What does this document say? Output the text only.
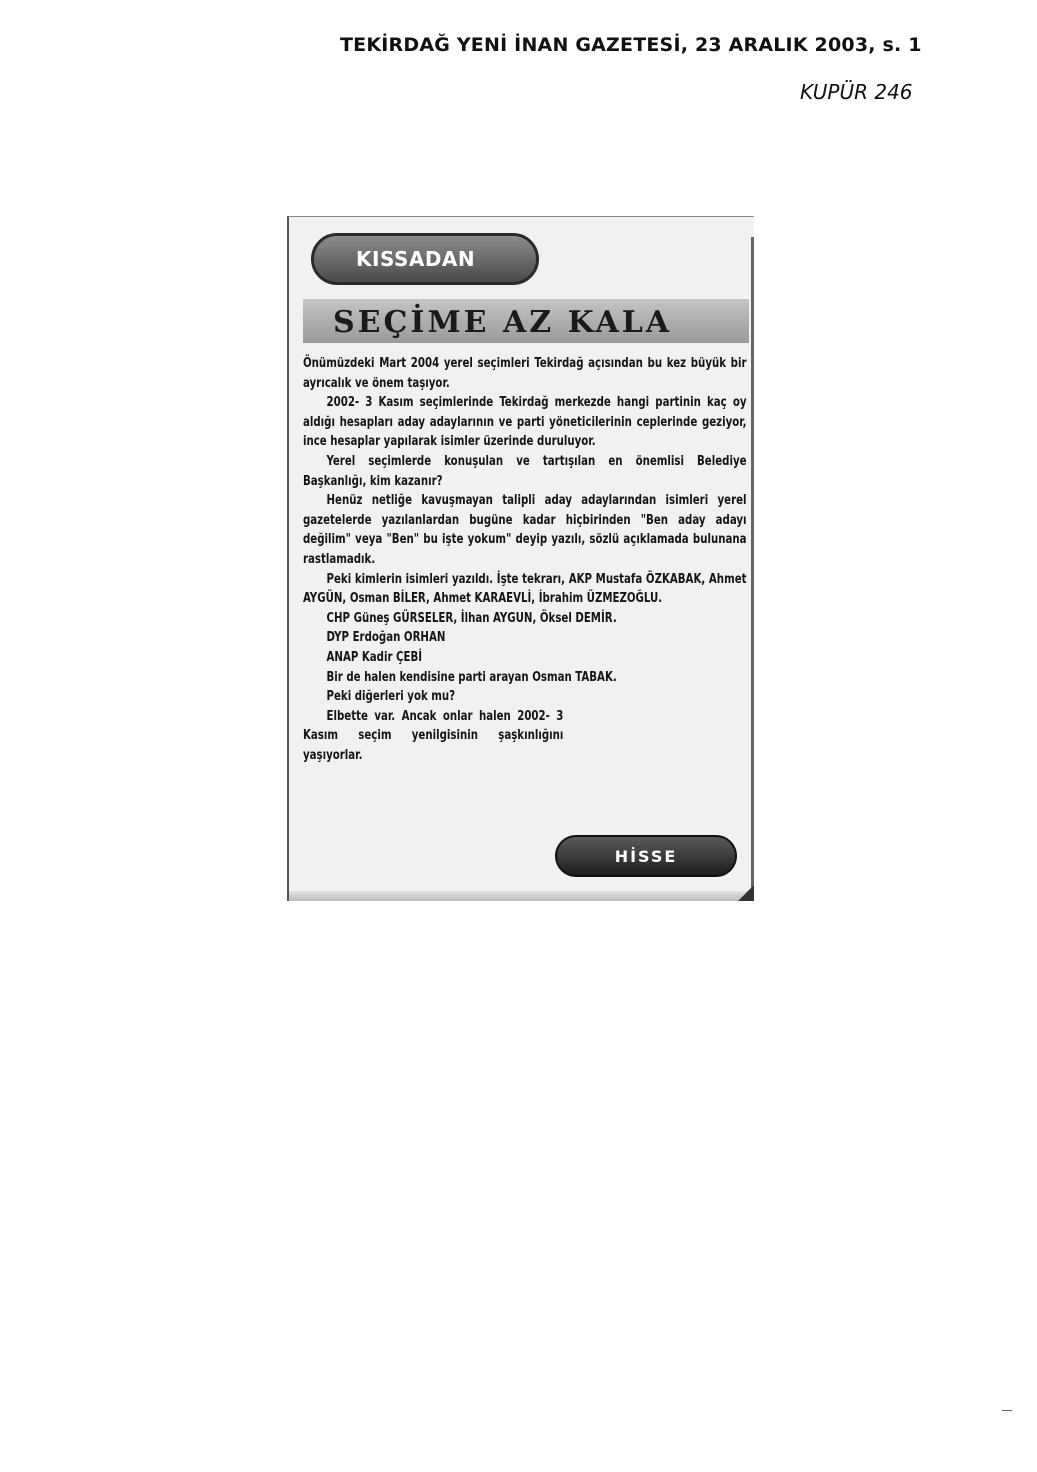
TEKİRDAĞ YENİ İNAN GAZETESİ, 23 ARALIK 2003, s. 1
KUPÜR 246
KISSADAN
SEÇİME AZ KALA

Önümüzdeki Mart 2004 yerel seçimleri Tekirdağ açısından bu kez büyük bir ayrıcalık ve önem taşıyor.

2002- 3 Kasım seçimlerinde Tekirdağ merkezde hangi partinin kaç oy aldığı hesapları aday adaylarının ve parti yöneticilerinin ceplerinde geziyor, ince hesaplar yapılarak isimler üzerinde duruluyor.

Yerel seçimlerde konuşulan ve tartışılan en önemlisi Belediye Başkanlığı, kim kazanır?

Henüz netliğe kavuşmayan talipli aday adaylarından isimleri yerel gazetelerde yazılanlardan bugüne kadar hiçbirinden "Ben aday adayı değilim" veya "Ben" bu işte yokum" deyip yazılı, sözlü açıklamada bulunana rastlamadık.

Peki kimlerin isimleri yazıldı. İşte tekrarı, AKP Mustafa ÖZKABAK, Ahmet AYGÜN, Osman BİLER, Ahmet KARAEVLİ, İbrahim ÜZMEZOĞLU.

CHP Güneş GÜRSELER, İlhan AYGUN, Öksel DEMİR.

DYP Erdoğan ORHAN

ANAP Kadir ÇEBİ

Bir de halen kendisine parti arayan Osman TABAK.

Peki diğerleri yok mu?

Elbette var. Ancak onlar halen 2002- 3 Kasım seçim yenilgisinin şaşkınlığını yaşıyorlar.

HİSSE
